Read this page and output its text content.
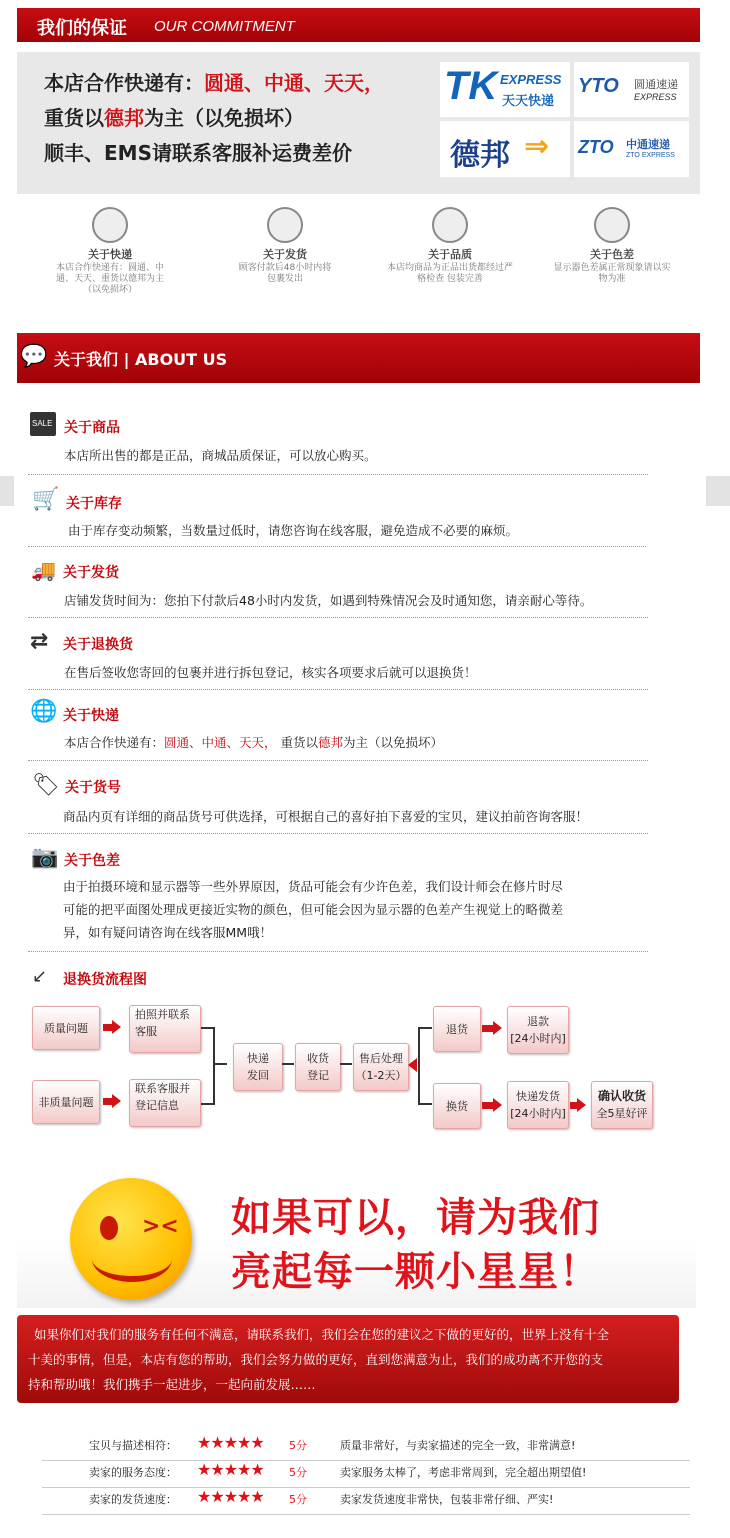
我们的保证 OUR COMMITMENT
本店合作快递有：圆通、中通、天天，
重货以德邦为主（以免损坏）
顺丰、EMS请联系客服补运费差价
TK EXPRESS
天天快递
YTO 圆通速递
EXPRESS
德邦 ⇒ ZTO 中通速递
ZTO EXPRESS
关于快递
本店合作快递有：圆通、中通、天天、重货以德邦为主（以免损坏）
关于发货
顾客付款后48小时内将包裹发出
关于品质
本店均商品为正品出货都经过严格检查 包装完善
关于色差
显示器色差属正常现象请以实物为准
💬 关于我们 | ABOUT US
SALE 关于商品
本店所出售的都是正品，商城品质保证，可以放心购买。
🛒 关于库存
由于库存变动频繁，当数量过低时，请您咨询在线客服，避免造成不必要的麻烦。
🚚 关于发货
店铺发货时间为：您拍下付款后48小时内发货，如遇到特殊情况会及时通知您，请亲耐心等待。
⇄	关于退换货
在售后签收您寄回的包裹并进行拆包登记，核实各项要求后就可以退换货！
🌐 关于快递
本店合作快递有：圆通、中通、天天， 重货以德邦为主（以免损坏）
🏷 关于货号
商品内页有详细的商品货号可供选择，可根据自己的喜好拍下喜爱的宝贝，建议拍前咨询客服！
📷 关于色差
由于拍摄环境和显示器等一些外界原因，货品可能会有少许色差，我们设计师会在修片时尽
可能的把平面图处理成更接近实物的颜色，但可能会因为显示器的色差产生视觉上的略微差
异，如有疑问请咨询在线客服MM哦！
↙	退换货流程图
质量问题
拍照并联系
客服
非质量问题
联系客服并
登记信息
快递
发回
收货
登记
售后处理
（1-2天）
退货
退款
[24小时内]
换货
快递发货
[24小时内]
确认收货
全5星好评
>< 如果可以，请为我们
亮起每一颗小星星！
如果你们对我们的服务有任何不满意，请联系我们，我们会在您的建议之下做的更好的，世界上没有十全
十美的事情，但是，本店有您的帮助，我们会努力做的更好，直到您满意为止，我们的成功离不开您的支
持和帮助哦！我们携手一起进步，一起向前发展……
宝贝与描述相符： ★★★★★ 5分	质量非常好，与卖家描述的完全一致，非常满意!
卖家的服务态度： ★★★★★ 5分	卖家服务太棒了，考虑非常周到，完全超出期望值!
卖家的发货速度： ★★★★★ 5分	卖家发货速度非常快，包装非常仔细、严实!
